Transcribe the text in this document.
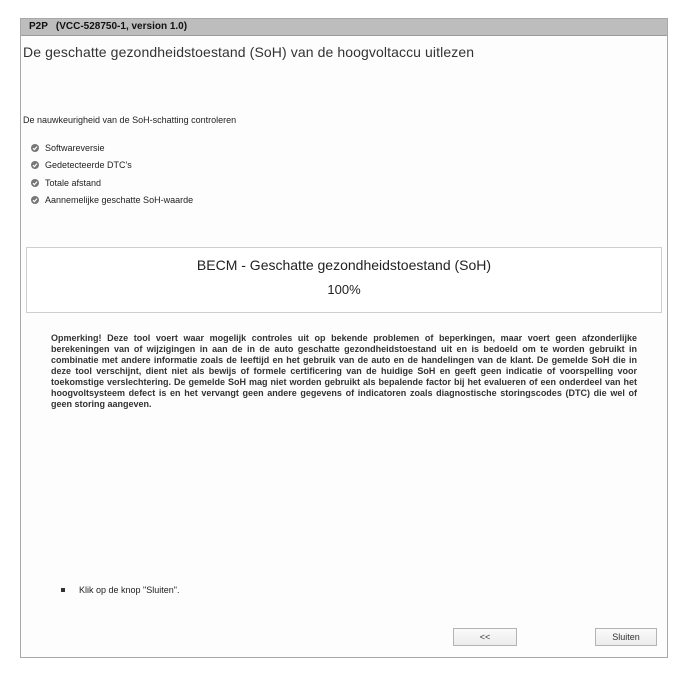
P2P (VCC-528750-1, version 1.0)
De geschatte gezondheidstoestand (SoH) van de hoogvoltaccu uitlezen
De nauwkeurigheid van de SoH-schatting controleren
Softwareversie
Gedetecteerde DTC's
Totale afstand
Aannemelijke geschatte SoH-waarde
BECM - Geschatte gezondheidstoestand (SoH)
100%
Opmerking! Deze tool voert waar mogelijk controles uit op bekende problemen of beperkingen, maar voert geen afzonderlijke berekeningen van of wijzigingen in aan de in de auto geschatte gezondheidstoestand uit en is bedoeld om te worden gebruikt in combinatie met andere informatie zoals de leeftijd en het gebruik van de auto en de handelingen van de klant. De gemelde SoH die in deze tool verschijnt, dient niet als bewijs of formele certificering van de huidige SoH en geeft geen indicatie of voorspelling voor toekomstige verslechtering. De gemelde SoH mag niet worden gebruikt als bepalende factor bij het evalueren of een onderdeel van het hoogvoltsysteem defect is en het vervangt geen andere gegevens of indicatoren zoals diagnostische storingscodes (DTC) die wel of geen storing aangeven.
Klik op de knop "Sluiten".
<<	Sluiten
